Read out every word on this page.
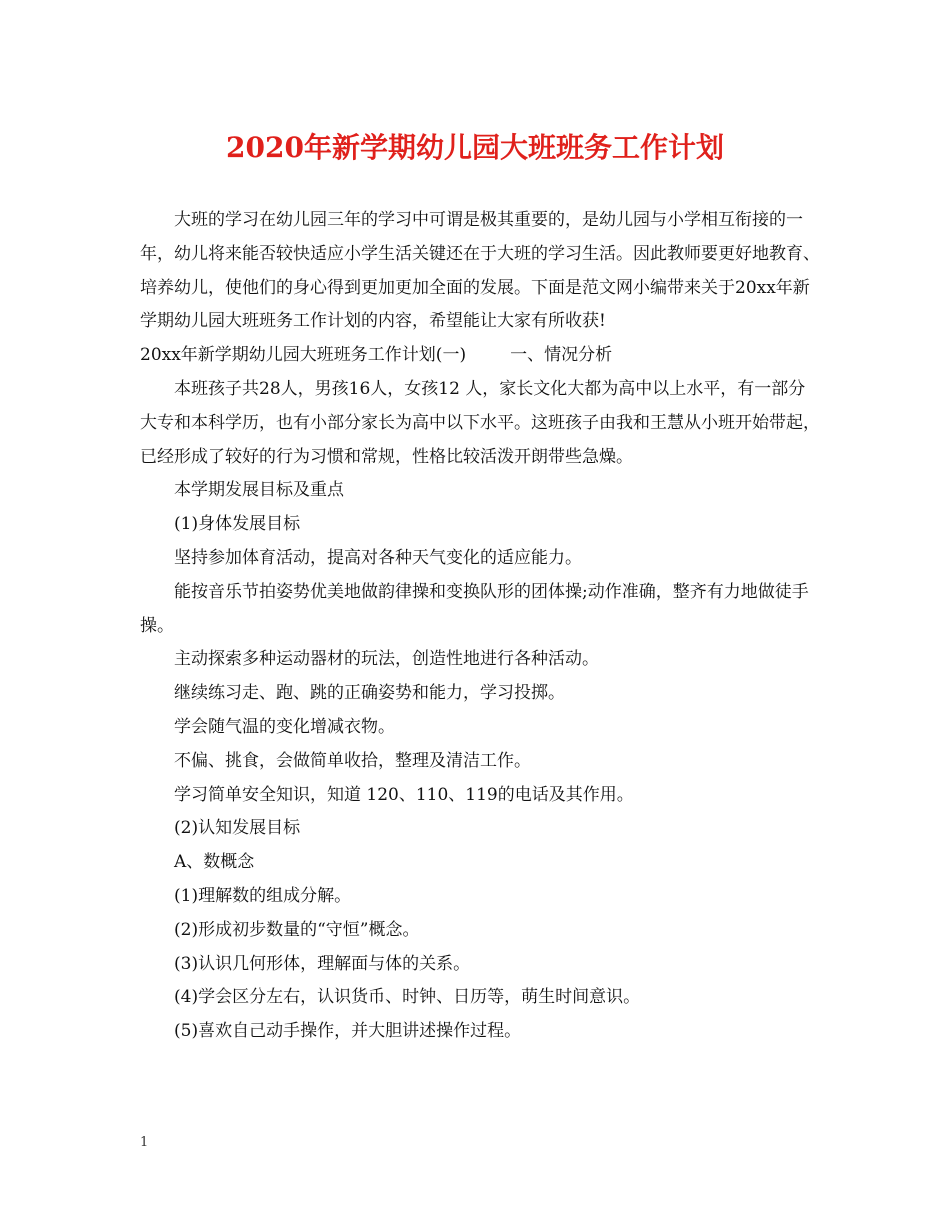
2020年新学期幼儿园大班班务工作计划

大班的学习在幼儿园三年的学习中可谓是极其重要的，是幼儿园与小学相互衔接的一年，幼儿将来能否较快适应小学生活关键还在于大班的学习生活。因此教师要更好地教育、培养幼儿，使他们的身心得到更加更加全面的发展。下面是范文网小编带来关于20xx年新学期幼儿园大班班务工作计划的内容，希望能让大家有所收获!

20xx年新学期幼儿园大班班务工作计划(一)	一、情况分析

本班孩子共28人，男孩16人，女孩12 人，家长文化大都为高中以上水平，有一部分大专和本科学历，也有小部分家长为高中以下水平。这班孩子由我和王慧从小班开始带起，已经形成了较好的行为习惯和常规，性格比较活泼开朗带些急燥。

本学期发展目标及重点

(1)身体发展目标

坚持参加体育活动，提高对各种天气变化的适应能力。

能按音乐节拍姿势优美地做韵律操和变换队形的团体操;动作准确，整齐有力地做徒手操。

主动探索多种运动器材的玩法，创造性地进行各种活动。

继续练习走、跑、跳的正确姿势和能力，学习投掷。

学会随气温的变化增减衣物。

不偏、挑食，会做简单收拾，整理及清洁工作。

学习简单安全知识，知道 120、110、119的电话及其作用。

(2)认知发展目标

A、数概念

(1)理解数的组成分解。

(2)形成初步数量的“守恒”概念。

(3)认识几何形体，理解面与体的关系。

(4)学会区分左右，认识货币、时钟、日历等，萌生时间意识。

(5)喜欢自己动手操作，并大胆讲述操作过程。

1
